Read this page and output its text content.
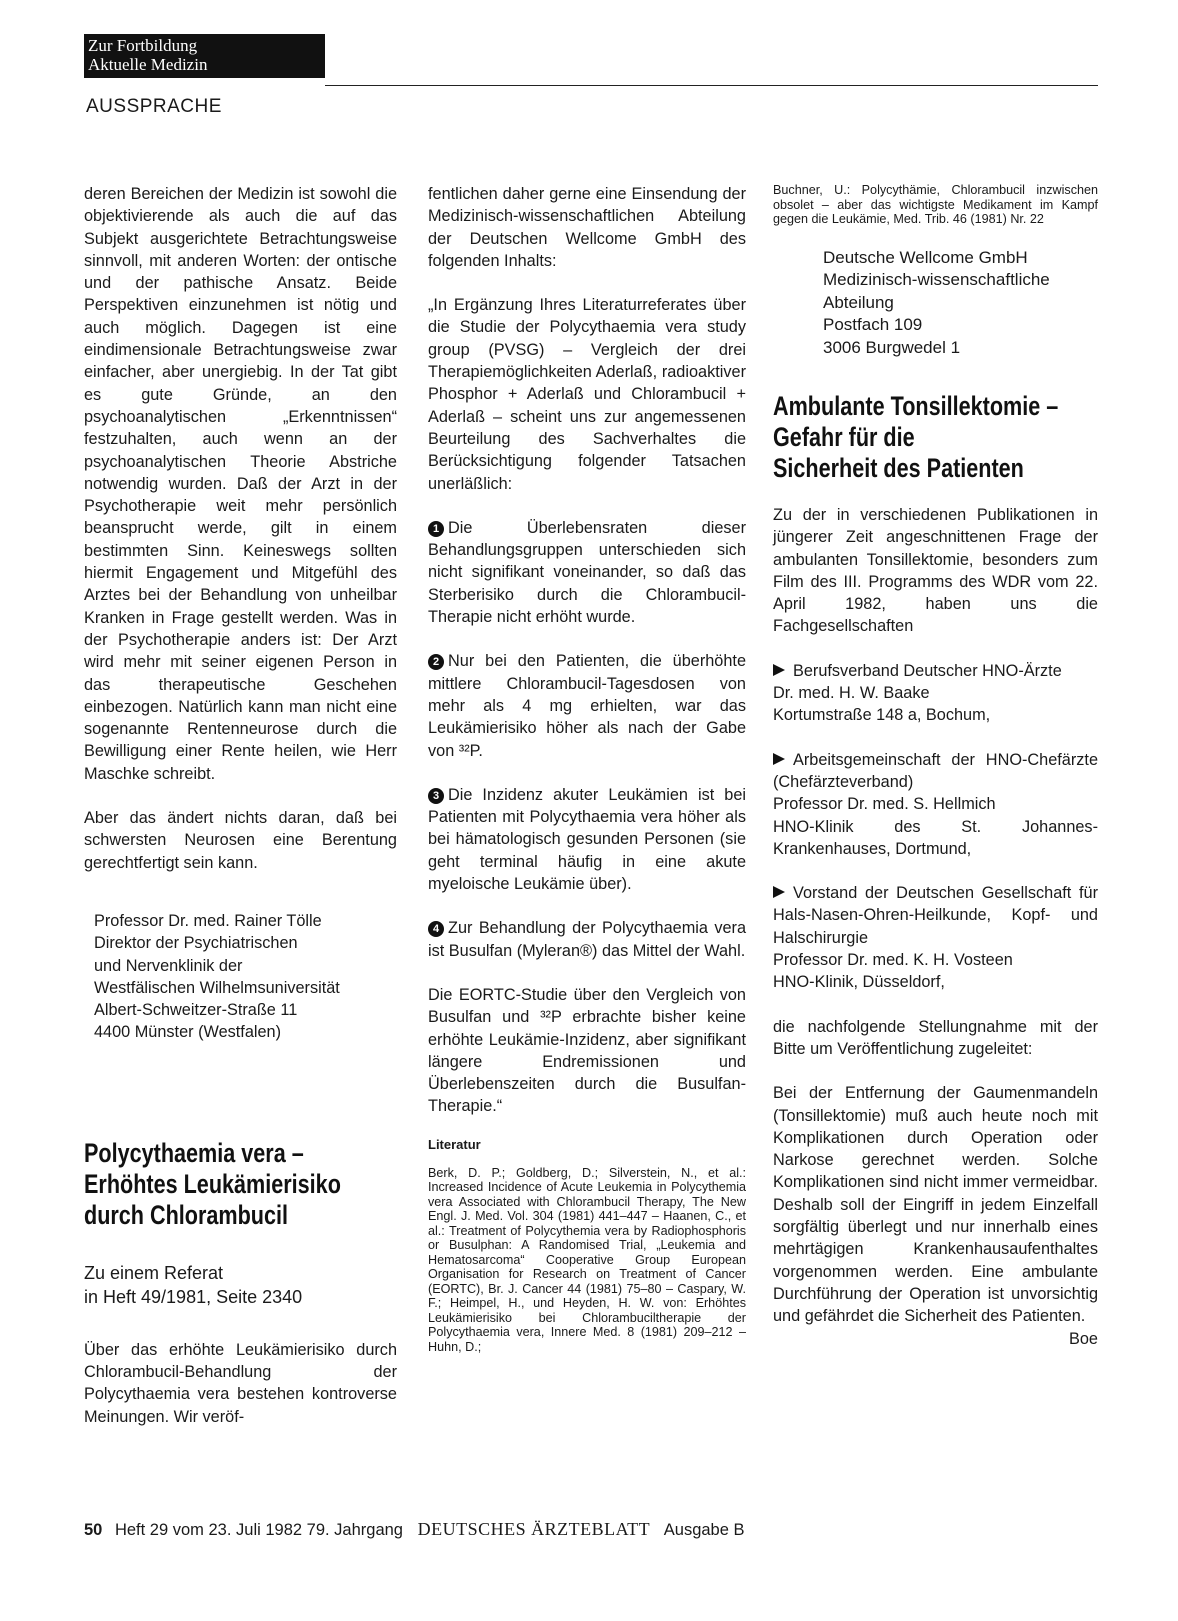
Zur Fortbildung
Aktuelle Medizin
AUSSPRACHE

deren Bereichen der Medizin ist sowohl die objektivierende als auch die auf das Subjekt ausgerichtete Betrachtungsweise sinnvoll, mit anderen Worten: der ontische und der pathische Ansatz. Beide Perspektiven einzunehmen ist nötig und auch möglich. Dagegen ist eine eindimensionale Betrachtungsweise zwar einfacher, aber unergiebig. In der Tat gibt es gute Gründe, an den psychoanalytischen „Erkenntnissen“ festzuhalten, auch wenn an der psychoanalytischen Theorie Abstriche notwendig wurden. Daß der Arzt in der Psychotherapie weit mehr persönlich beansprucht werde, gilt in einem bestimmten Sinn. Keineswegs sollten hiermit Engagement und Mitgefühl des Arztes bei der Behandlung von unheilbar Kranken in Frage gestellt werden. Was in der Psychotherapie anders ist: Der Arzt wird mehr mit seiner eigenen Person in das therapeutische Geschehen einbezogen. Natürlich kann man nicht eine sogenannte Rentenneurose durch die Bewilligung einer Rente heilen, wie Herr Maschke schreibt.

Aber das ändert nichts daran, daß bei schwersten Neurosen eine Berentung gerechtfertigt sein kann.

Professor Dr. med. Rainer Tölle

Direktor der Psychiatrischen

und Nervenklinik der

Westfälischen Wilhelmsuniversität

Albert-Schweitzer-Straße 11

4400 Münster (Westfalen)

Polycythaemia vera –

Erhöhtes Leukämierisiko

durch Chlorambucil

Zu einem Referat

in Heft 49/1981, Seite 2340

Über das erhöhte Leukämierisiko durch Chlorambucil-Behandlung der Polycythaemia vera bestehen kontroverse Meinungen. Wir veröf-

fentlichen daher gerne eine Einsendung der Medizinisch-wissenschaftlichen Abteilung der Deutschen Wellcome GmbH des folgenden Inhalts:

„In Ergänzung Ihres Literaturreferates über die Studie der Polycythaemia vera study group (PVSG) – Vergleich der drei Therapiemöglichkeiten Aderlaß, radioaktiver Phosphor + Aderlaß und Chlorambucil + Aderlaß – scheint uns zur angemessenen Beurteilung des Sachverhaltes die Berücksichtigung folgender Tatsachen unerläßlich:

1 Die Überlebensraten dieser Behandlungsgruppen unterschieden sich nicht signifikant voneinander, so daß das Sterberisiko durch die Chlorambucil-Therapie nicht erhöht wurde.

2 Nur bei den Patienten, die überhöhte mittlere Chlorambucil-Tagesdosen von mehr als 4 mg erhielten, war das Leukämierisiko höher als nach der Gabe von ³²P.

3 Die Inzidenz akuter Leukämien ist bei Patienten mit Polycythaemia vera höher als bei hämatologisch gesunden Personen (sie geht terminal häufig in eine akute myeloische Leukämie über).

4 Zur Behandlung der Polycythaemia vera ist Busulfan (Myleran®) das Mittel der Wahl.

Die EORTC-Studie über den Vergleich von Busulfan und ³²P erbrachte bisher keine erhöhte Leukämie-Inzidenz, aber signifikant längere Endremissionen und Überlebenszeiten durch die Busulfan-Therapie.“

Literatur

Berk, D. P.; Goldberg, D.; Silverstein, N., et al.: Increased Incidence of Acute Leukemia in Polycythemia vera Associated with Chlorambucil Therapy, The New Engl. J. Med. Vol. 304 (1981) 441–447 – Haanen, C., et al.: Treatment of Polycythemia vera by Radiophosphoris or Busulphan: A Randomised Trial, „Leukemia and Hematosarcoma“ Cooperative Group European Organisation for Research on Treatment of Cancer (EORTC), Br. J. Cancer 44 (1981) 75–80 – Caspary, W. F.; Heimpel, H., und Heyden, H. W. von: Erhöhtes Leukämierisiko bei Chlorambuciltherapie der Polycythaemia vera, Innere Med. 8 (1981) 209–212 – Huhn, D.;

Buchner, U.: Polycythämie, Chlorambucil inzwischen obsolet – aber das wichtigste Medikament im Kampf gegen die Leukämie, Med. Trib. 46 (1981) Nr. 22

Deutsche Wellcome GmbH

Medizinisch-wissenschaftliche

Abteilung

Postfach 109

3006 Burgwedel 1

Ambulante Tonsillektomie –

Gefahr für die

Sicherheit des Patienten

Zu der in verschiedenen Publikationen in jüngerer Zeit angeschnittenen Frage der ambulanten Tonsillektomie, besonders zum Film des III. Programms des WDR vom 22. April 1982, haben uns die Fachgesellschaften

Berufsverband Deutscher HNO-Ärzte
Dr. med. H. W. Baake
Kortumstraße 148 a, Bochum,

Arbeitsgemeinschaft der HNO-Chefärzte (Chefärzteverband)
Professor Dr. med. S. Hellmich
HNO-Klinik des St. Johannes-Krankenhauses, Dortmund,

Vorstand der Deutschen Gesellschaft für Hals-Nasen-Ohren-Heilkunde, Kopf- und Halschirurgie
Professor Dr. med. K. H. Vosteen
HNO-Klinik, Düsseldorf,

die nachfolgende Stellungnahme mit der Bitte um Veröffentlichung zugeleitet:

Bei der Entfernung der Gaumenmandeln (Tonsillektomie) muß auch heute noch mit Komplikationen durch Operation oder Narkose gerechnet werden. Solche Komplikationen sind nicht immer vermeidbar. Deshalb soll der Eingriff in jedem Einzelfall sorgfältig überlegt und nur innerhalb eines mehrtägigen Krankenhausaufenthaltes vorgenommen werden. Eine ambulante Durchführung der Operation ist unvorsichtig und gefährdet die Sicherheit des Patienten.

Boe

50 Heft 29 vom 23. Juli 1982 79. Jahrgang DEUTSCHES ÄRZTEBLATT Ausgabe B
